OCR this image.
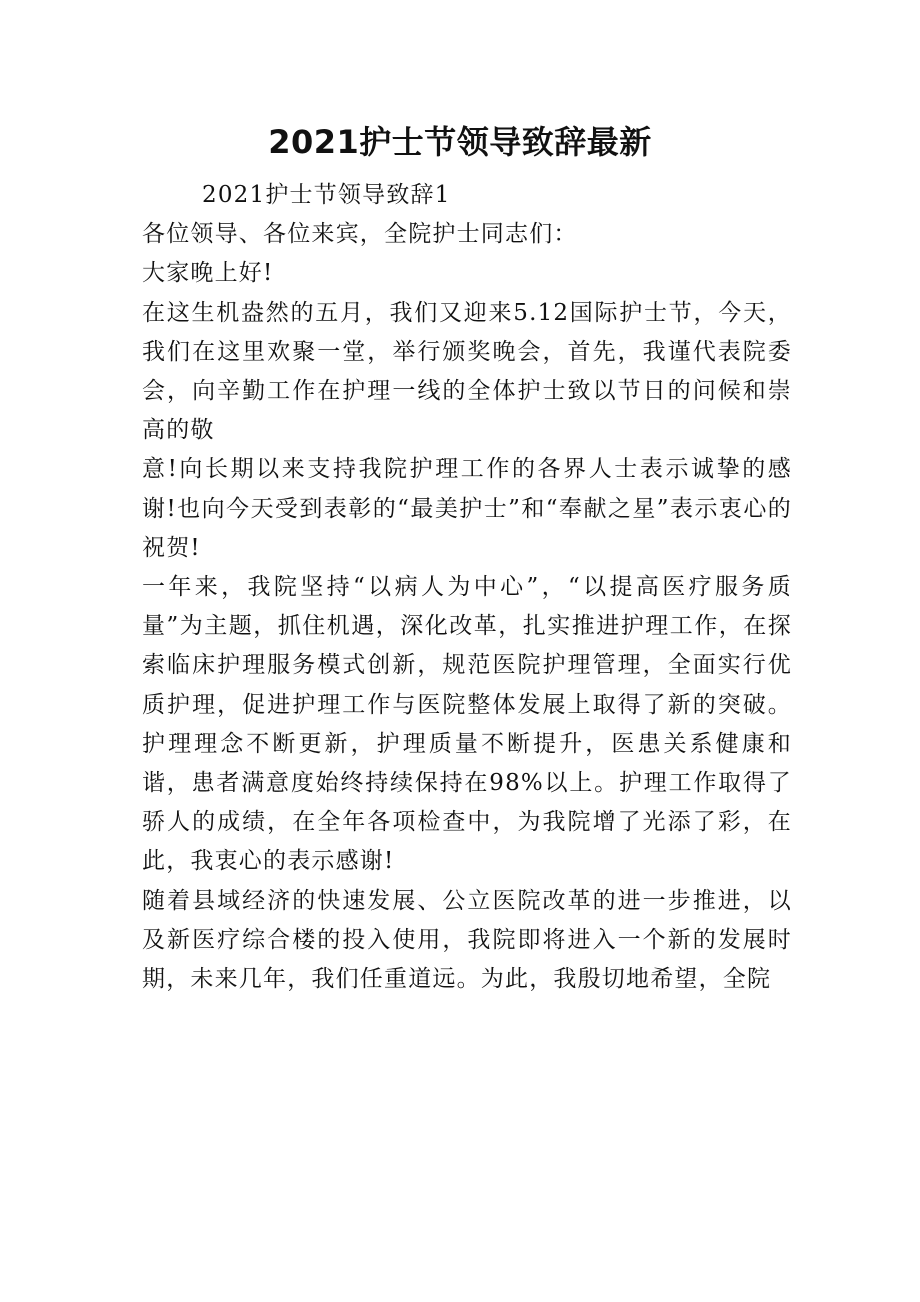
2021护士节领导致辞最新

2021护士节领导致辞1

各位领导、各位来宾，全院护士同志们：

大家晚上好!

在这生机盎然的五月，我们又迎来5.12国际护士节，今天，我们在这里欢聚一堂，举行颁奖晚会，首先，我谨代表院委会，向辛勤工作在护理一线的全体护士致以节日的问候和崇高的敬

意!向长期以来支持我院护理工作的各界人士表示诚挚的感谢!也向今天受到表彰的“最美护士”和“奉献之星”表示衷心的祝贺!

一年来，我院坚持“以病人为中心”，“以提高医疗服务质量”为主题，抓住机遇，深化改革，扎实推进护理工作，在探索临床护理服务模式创新，规范医院护理管理，全面实行优质护理，促进护理工作与医院整体发展上取得了新的突破。护理理念不断更新，护理质量不断提升，医患关系健康和谐，患者满意度始终持续保持在98%以上。护理工作取得了骄人的成绩，在全年各项检查中，为我院增了光添了彩，在此，我衷心的表示感谢!

随着县域经济的快速发展、公立医院改革的进一步推进，以及新医疗综合楼的投入使用，我院即将进入一个新的发展时期，未来几年，我们任重道远。为此，我殷切地希望，全院
